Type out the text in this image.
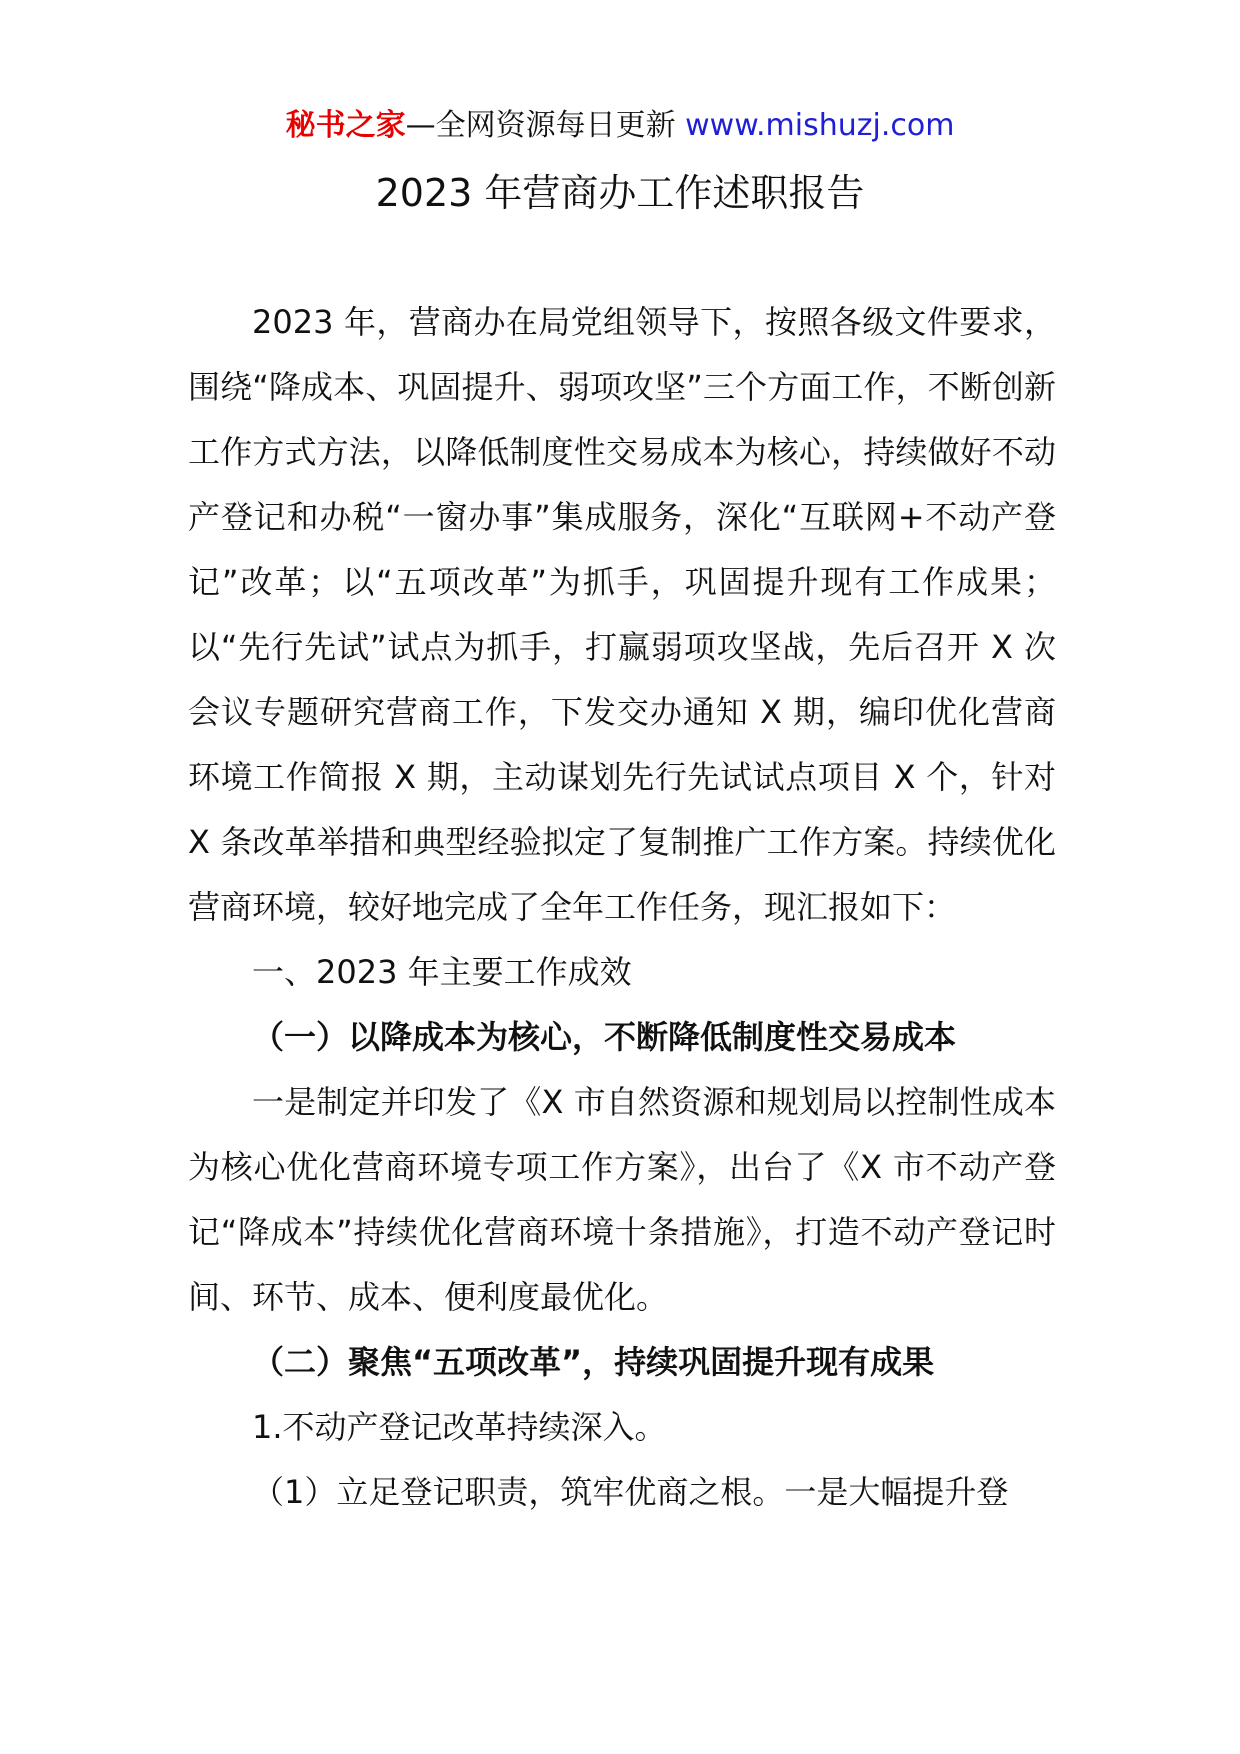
秘书之家—全网资源每日更新 www.mishuzj.com
2023 年营商办工作述职报告

2023 年，营商办在局党组领导下，按照各级文件要求，围绕“降成本、巩固提升、弱项攻坚”三个方面工作，不断创新工作方式方法，以降低制度性交易成本为核心，持续做好不动产登记和办税“一窗办事”集成服务，深化“互联网+不动产登记”改革；以“五项改革”为抓手，巩固提升现有工作成果；以“先行先试”试点为抓手，打赢弱项攻坚战，先后召开 X 次会议专题研究营商工作，下发交办通知 X 期，编印优化营商环境工作简报 X 期，主动谋划先行先试试点项目 X 个，针对 X 条改革举措和典型经验拟定了复制推广工作方案。持续优化营商环境，较好地完成了全年工作任务，现汇报如下：

一、2023 年主要工作成效

（一）以降成本为核心，不断降低制度性交易成本

一是制定并印发了《X 市自然资源和规划局以控制性成本为核心优化营商环境专项工作方案》，出台了《X 市不动产登记“降成本”持续优化营商环境十条措施》，打造不动产登记时间、环节、成本、便利度最优化。

（二）聚焦“五项改革”，持续巩固提升现有成果

1.不动产登记改革持续深入。

（1）立足登记职责，筑牢优商之根。一是大幅提升登
